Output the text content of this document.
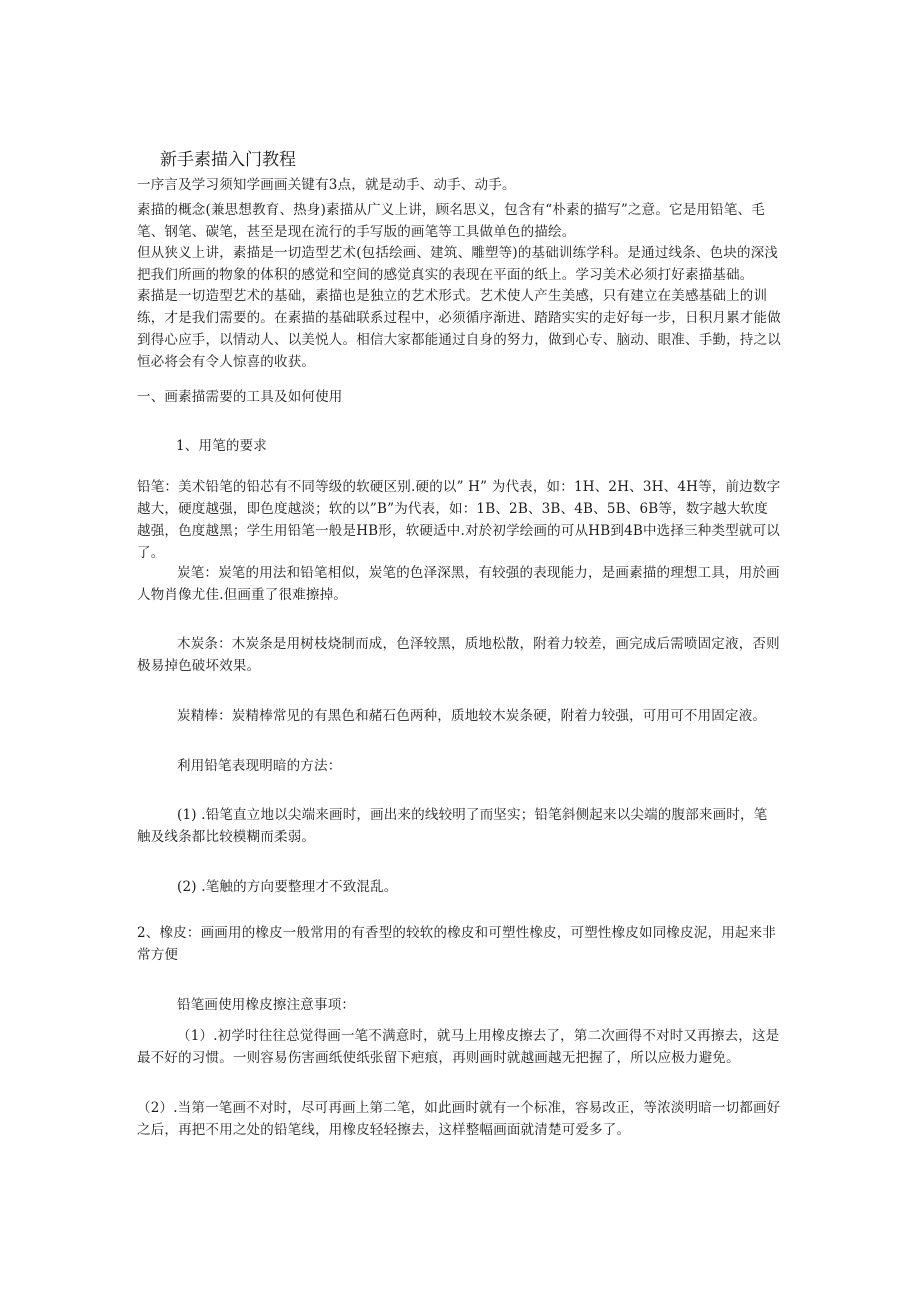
新手素描入门教程

一序言及学习须知学画画关键有3点，就是动手、动手、动手。

素描的概念(兼思想教育、热身)素描从广义上讲，顾名思义，包含有“朴素的描写”之意。它是用铅笔、毛笔、钢笔、碳笔，甚至是现在流行的手写版的画笔等工具做单色的描绘。

但从狭义上讲，素描是一切造型艺术(包括绘画、建筑、雕塑等)的基础训练学科。是通过线条、色块的深浅把我们所画的物象的体积的感觉和空间的感觉真实的表现在平面的纸上。学习美术必须打好素描基础。

素描是一切造型艺术的基础，素描也是独立的艺术形式。艺术使人产生美感，只有建立在美感基础上的训练，才是我们需要的。在素描的基础联系过程中，必须循序渐进、踏踏实实的走好每一步，日积月累才能做到得心应手，以情动人、以美悦人。相信大家都能通过自身的努力，做到心专、脑动、眼准、手勤，持之以恒必将会有令人惊喜的收获。

一、画素描需要的工具及如何使用

1、用笔的要求

铅笔：美术铅笔的铅芯有不同等级的软硬区别.硬的以” H” 为代表，如：1H、2H、3H、4H等，前边数字越大，硬度越强，即色度越淡；软的以”B”为代表，如：1B、2B、3B、4B、5B、6B等，数字越大软度越强，色度越黑；学生用铅笔一般是HB形，软硬适中.对於初学绘画的可从HB到4B中选择三种类型就可以了。

炭笔：炭笔的用法和铅笔相似，炭笔的色泽深黑，有较强的表现能力，是画素描的理想工具，用於画人物肖像尤佳.但画重了很难擦掉。

木炭条：木炭条是用树枝烧制而成，色泽较黑，质地松散，附着力较差，画完成后需喷固定液，否则极易掉色破坏效果。

炭精棒：炭精棒常见的有黑色和赭石色两种，质地较木炭条硬，附着力较强，可用可不用固定液。

利用铅笔表现明暗的方法：

(1) .铅笔直立地以尖端来画时，画出来的线较明了而坚实；铅笔斜侧起来以尖端的腹部来画时，笔触及线条都比较模糊而柔弱。

(2) .笔触的方向要整理才不致混乱。

2、橡皮：画画用的橡皮一般常用的有香型的较软的橡皮和可塑性橡皮，可塑性橡皮如同橡皮泥，用起来非常方便

铅笔画使用橡皮擦注意事项：

（1）.初学时往往总觉得画一笔不满意时，就马上用橡皮擦去了，第二次画得不对时又再擦去，这是最不好的习惯。一则容易伤害画纸使纸张留下疤痕，再则画时就越画越无把握了，所以应极力避免。

（2）.当第一笔画不对时，尽可再画上第二笔，如此画时就有一个标准，容易改正，等浓淡明暗一切都画好之后，再把不用之处的铅笔线，用橡皮轻轻擦去，这样整幅画面就清楚可爱多了。
